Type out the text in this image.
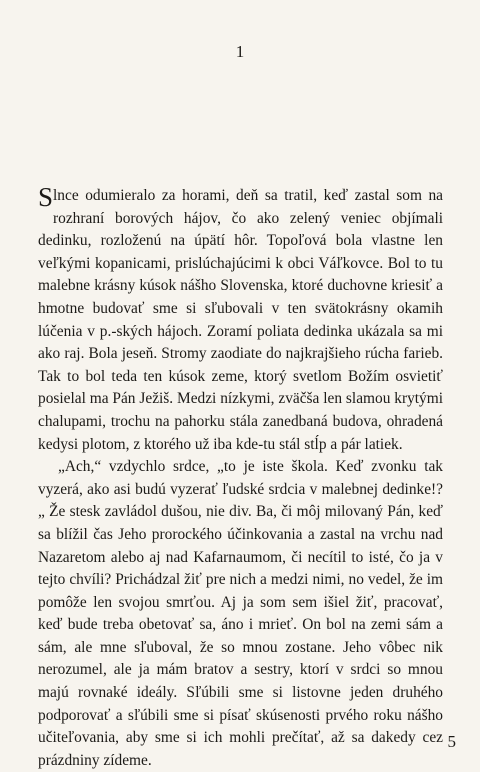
1

Slnce odumieralo za horami, deň sa tratil, keď zastal som na rozhraní borových hájov, čo ako zelený veniec objímali dedinku, rozloženú na úpätí hôr. Topoľová bola vlastne len veľkými kopanicami, prislúchajúcimi k obci Váľkovce. Bol to tu malebne krásny kúsok nášho Slovenska, ktoré duchovne kriesiť a hmotne budovať sme si sľubovali v ten svätokrásny okamih lúčenia v p.-ských hájoch. Zoramí poliata dedinka ukázala sa mi ako raj. Bola jeseň. Stromy zaodiate do najkrajšieho rúcha farieb. Tak to bol teda ten kúsok zeme, ktorý svetlom Božím osvietiť posielal ma Pán Ježiš. Medzi nízkymi, zväčša len slamou krytými chalupami, trochu na pahorku stála zanedbaná budova, ohradená kedysi plotom, z ktorého už iba kde-tu stál stĺp a pár latiek.

„Ach,“ vzdychlo srdce, „to je iste škola. Keď zvonku tak vyzerá, ako asi budú vyzerať ľudské srdcia v malebnej dedinke!?„ Že stesk zavládol dušou, nie div. Ba, či môj milovaný Pán, keď sa blížil čas Jeho prorockého účinkovania a zastal na vrchu nad Nazaretom alebo aj nad Kafarnaumom, či necítil to isté, čo ja v tejto chvíli? Prichádzal žiť pre nich a medzi nimi, no vedel, že im pomôže len svojou smrťou. Aj ja som sem išiel žiť, pracovať, keď bude treba obetovať sa, áno i mrieť. On bol na zemi sám a sám, ale mne sľuboval, že so mnou zostane. Jeho vôbec nik nerozumel, ale ja mám bratov a sestry, ktorí v srdci so mnou majú rovnaké ideály. Sľúbili sme si listovne jeden druhého podporovať a sľúbili sme si písať skúsenosti prvého roku nášho učiteľovania, aby sme si ich mohli prečítať, až sa dakedy cez prázdniny zídeme.

5
